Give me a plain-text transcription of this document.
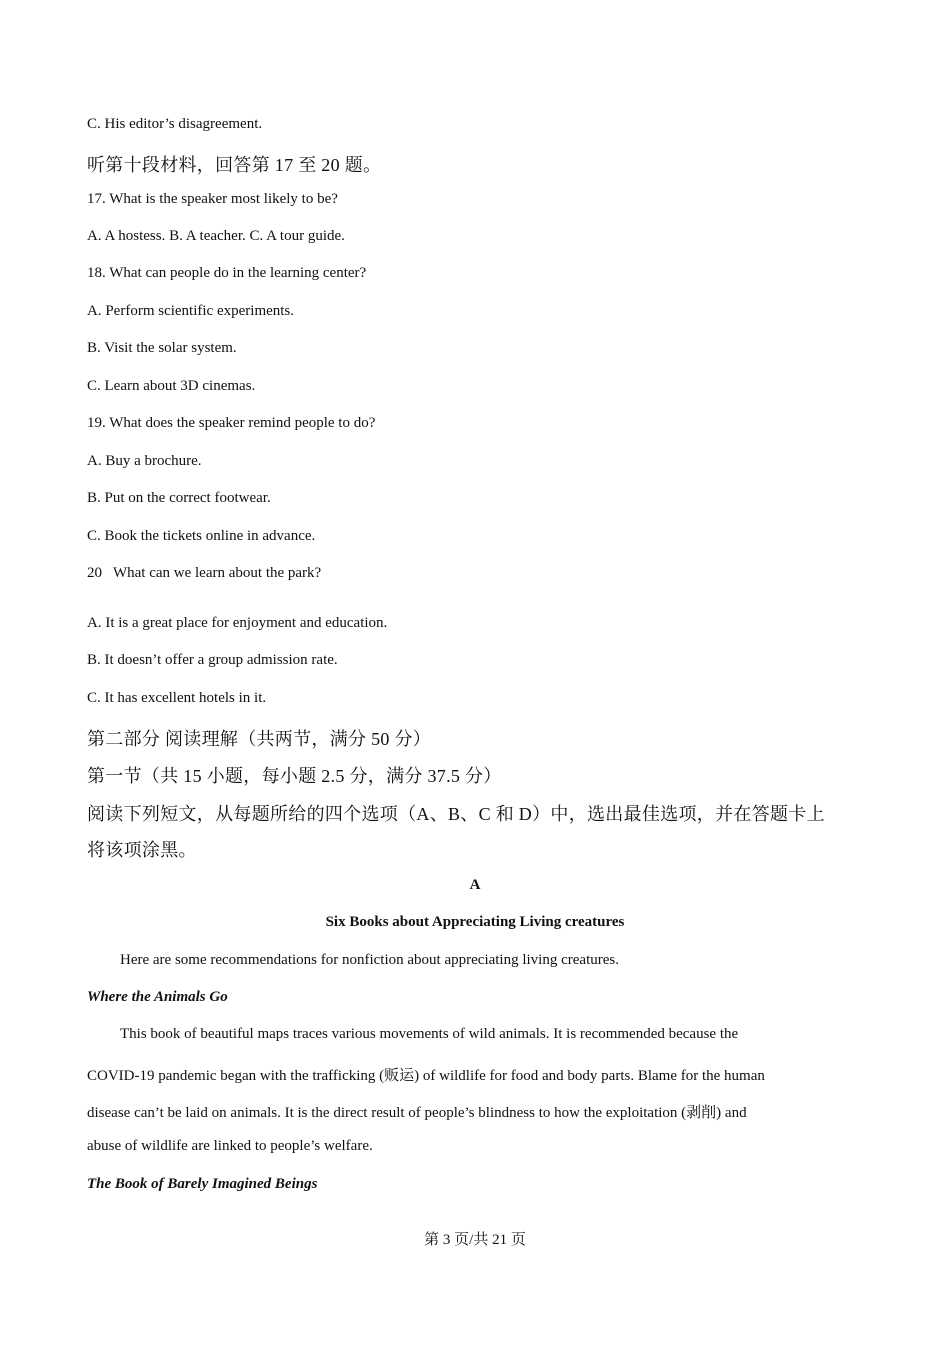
C. His editor’s disagreement.
听第十段材料，回答第 17 至 20 题。
17. What is the speaker most likely to be?
A. A hostess. B. A teacher. C. A tour guide.
18. What can people do in the learning center?
A. Perform scientific experiments.
B. Visit the solar system.
C. Learn about 3D cinemas.
19. What does the speaker remind people to do?
A. Buy a brochure.
B. Put on the correct footwear.
C. Book the tickets online in advance.
20   What can we learn about the park?
A. It is a great place for enjoyment and education.
B. It doesn’t offer a group admission rate.
C. It has excellent hotels in it.
第二部分 阅读理解（共两节，满分 50 分）
第一节（共 15 小题，每小题 2.5 分，满分 37.5 分）
阅读下列短文，从每题所给的四个选项（A、B、C 和 D）中，选出最佳选项，并在答题卡上
将该项涂黑。
A
Six Books about Appreciating Living creatures
Here are some recommendations for nonfiction about appreciating living creatures.
Where the Animals Go
This book of beautiful maps traces various movements of wild animals. It is recommended because the
COVID-19 pandemic began with the trafficking (贩运) of wildlife for food and body parts. Blame for the human
disease can’t be laid on animals. It is the direct result of people’s blindness to how the exploitation (剥削) and
abuse of wildlife are linked to people’s welfare.
The Book of Barely Imagined Beings
第 3 页/共 21 页
